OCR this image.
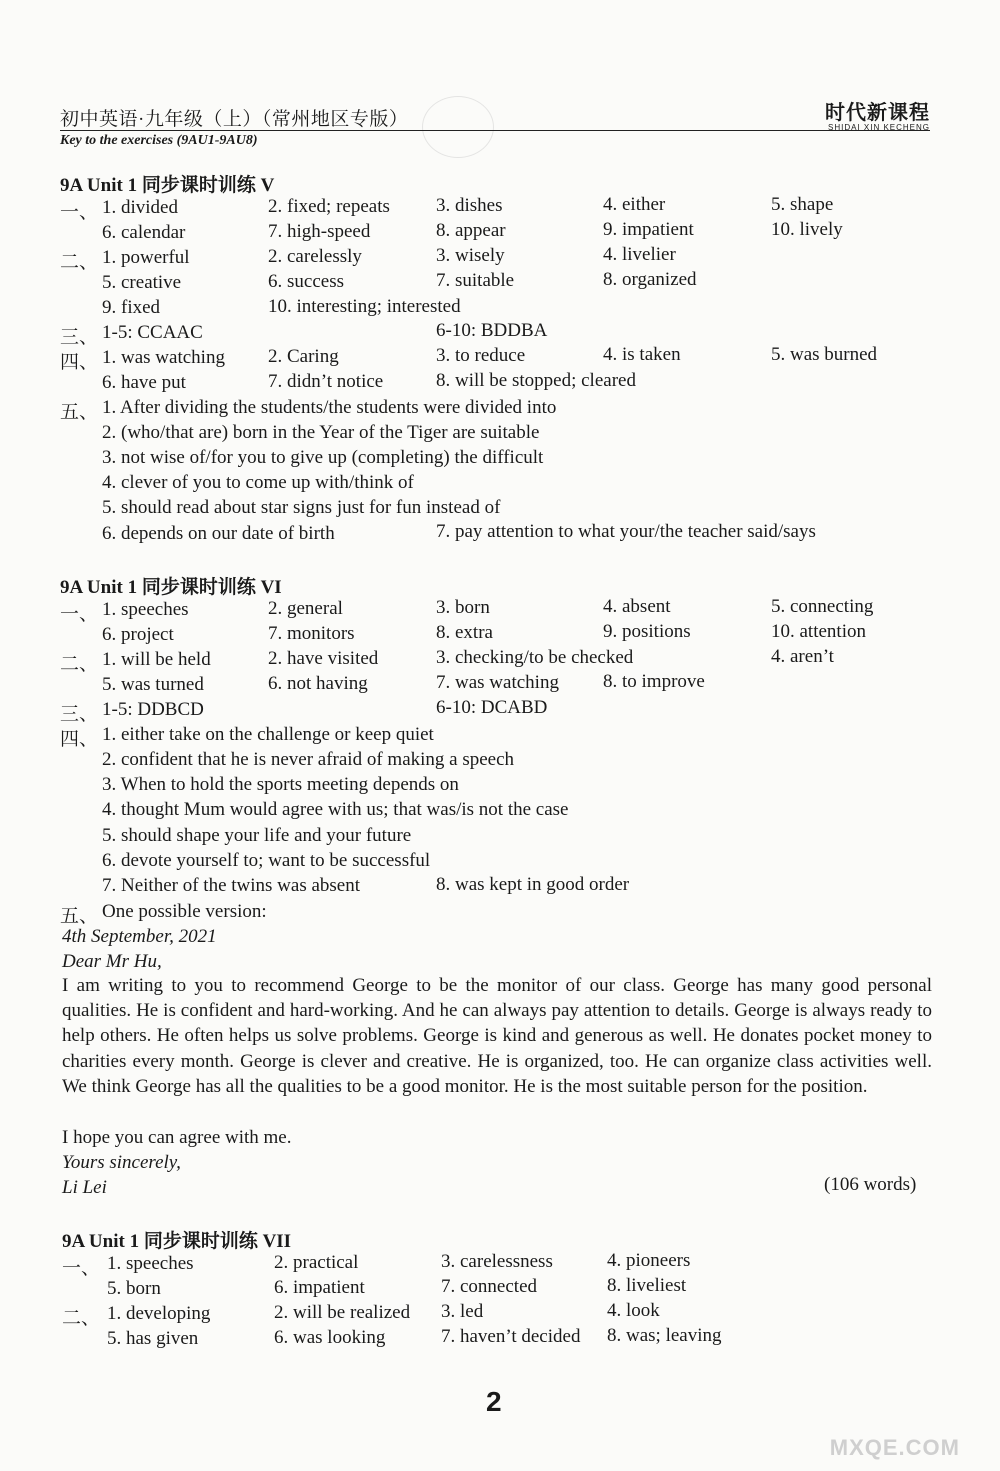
初中英语·九年级（上）（常州地区专版）	时代新课程
SHIDAI XIN KECHENG
Key to the exercises (9AU1-9AU8)
9A Unit 1 同步课时训练 V
一、 1. divided	2. fixed; repeats 3. dishes	4. either	5. shape
6. calendar	7. high-speed	8. appear	9. impatient	10. lively
二、 1. powerful	2. carelessly	3. wisely	4. livelier
5. creative	6. success	7. suitable	8. organized
9. fixed	10. interesting; interested
三、 1-5: CCAAC	6-10: BDDBA
四、 1. was watching 2. Caring	3. to reduce	4. is taken	5. was burned
6. have put	7. didn’t notice	8. will be stopped; cleared
五、 1. After dividing the students/the students were divided into
2. (who/that are) born in the Year of the Tiger are suitable
3. not wise of/for you to give up (completing) the difficult
4. clever of you to come up with/think of
5. should read about star signs just for fun instead of
6. depends on our date of birth	7. pay attention to what your/the teacher said/says
9A Unit 1 同步课时训练 VI
一、 1. speeches	2. general	3. born	4. absent	5. connecting
6. project	7. monitors	8. extra	9. positions	10. attention
二、 1. will be held	2. have visited	3. checking/to be checked	4. aren’t
5. was turned	6. not having	7. was watching 8. to improve
三、 1-5: DDBCD	6-10: DCABD
四、 1. either take on the challenge or keep quiet
2. confident that he is never afraid of making a speech
3. When to hold the sports meeting depends on
4. thought Mum would agree with us; that was/is not the case
5. should shape your life and your future
6. devote yourself to; want to be successful
7. Neither of the twins was absent	8. was kept in good order
五、 One possible version:
4th September, 2021
Dear Mr Hu,
I am writing to you to recommend George to be the monitor of our class. George has many good personal qualities. He is confident and hard-working. And he can always pay attention to details. George is always ready to help others. He often helps us solve problems. George is kind and generous as well. He donates pocket money to charities every month. George is clever and creative. He is organized, too. He can organize class activities well. We think George has all the qualities to be a good monitor. He is the most suitable person for the position.
I hope you can agree with me.
Yours sincerely,
Li Lei	(106 words)
9A Unit 1 同步课时训练 VII
一、 1. speeches	2. practical	3. carelessness	4. pioneers
5. born	6. impatient	7. connected	8. liveliest
二、 1. developing	2. will be realized 3. led	4. look
5. has given	6. was looking	7. haven’t decided 8. was; leaving
2
MXQE.COM
